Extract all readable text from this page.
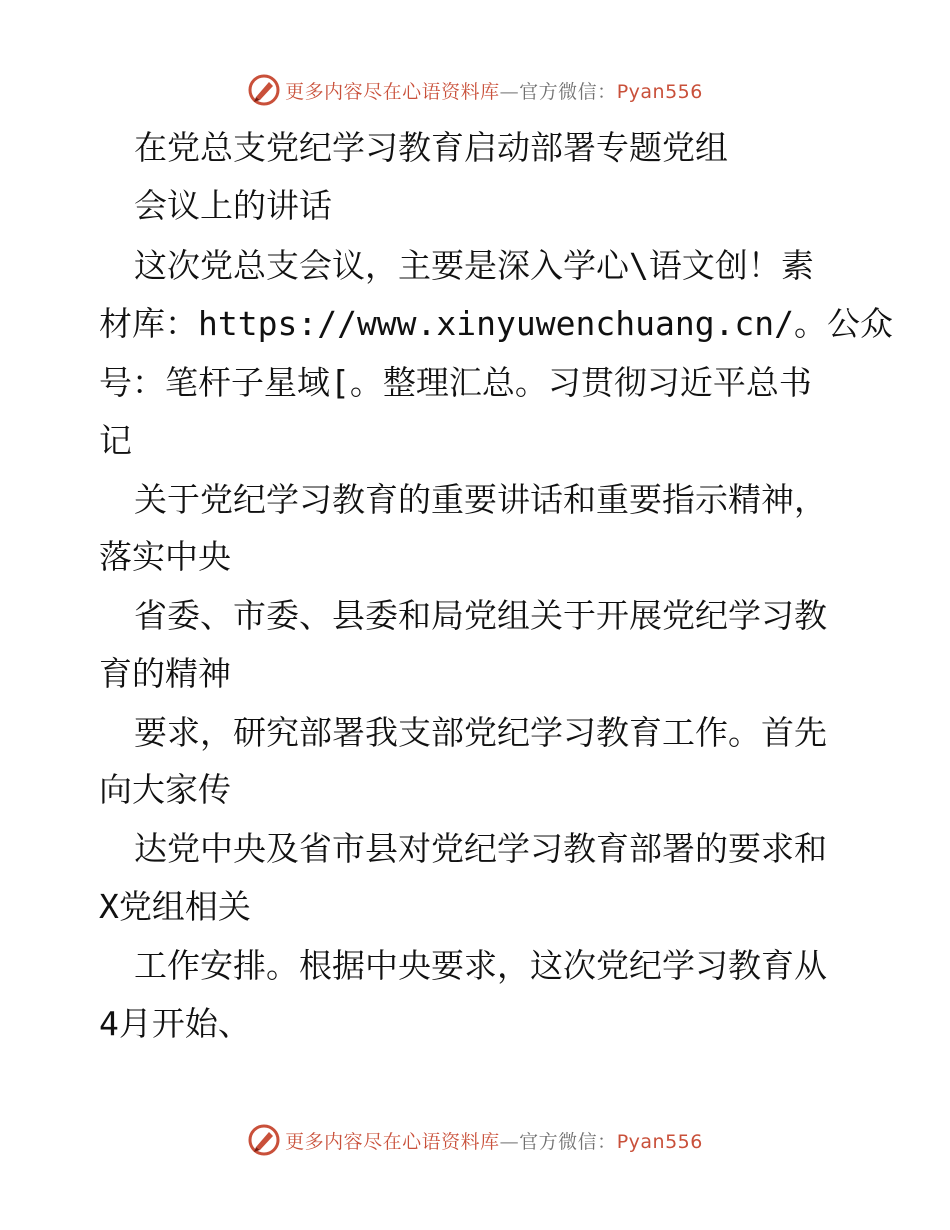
更多内容尽在心语资料库—官方微信：Pyan556

在党总支党纪学习教育启动部署专题党组

会议上的讲话

这次党总支会议，主要是深入学心\语文创！素

材库：https://www.xinyuwenchuang.cn/。公众

号：笔杆子星域[。整理汇总。习贯彻习近平总书

记

关于党纪学习教育的重要讲话和重要指示精神，

落实中央

省委、市委、县委和局党组关于开展党纪学习教

育的精神

要求，研究部署我支部党纪学习教育工作。首先

向大家传

达党中央及省市县对党纪学习教育部署的要求和

X党组相关

工作安排。根据中央要求，这次党纪学习教育从

4月开始、

更多内容尽在心语资料库—官方微信：Pyan556
